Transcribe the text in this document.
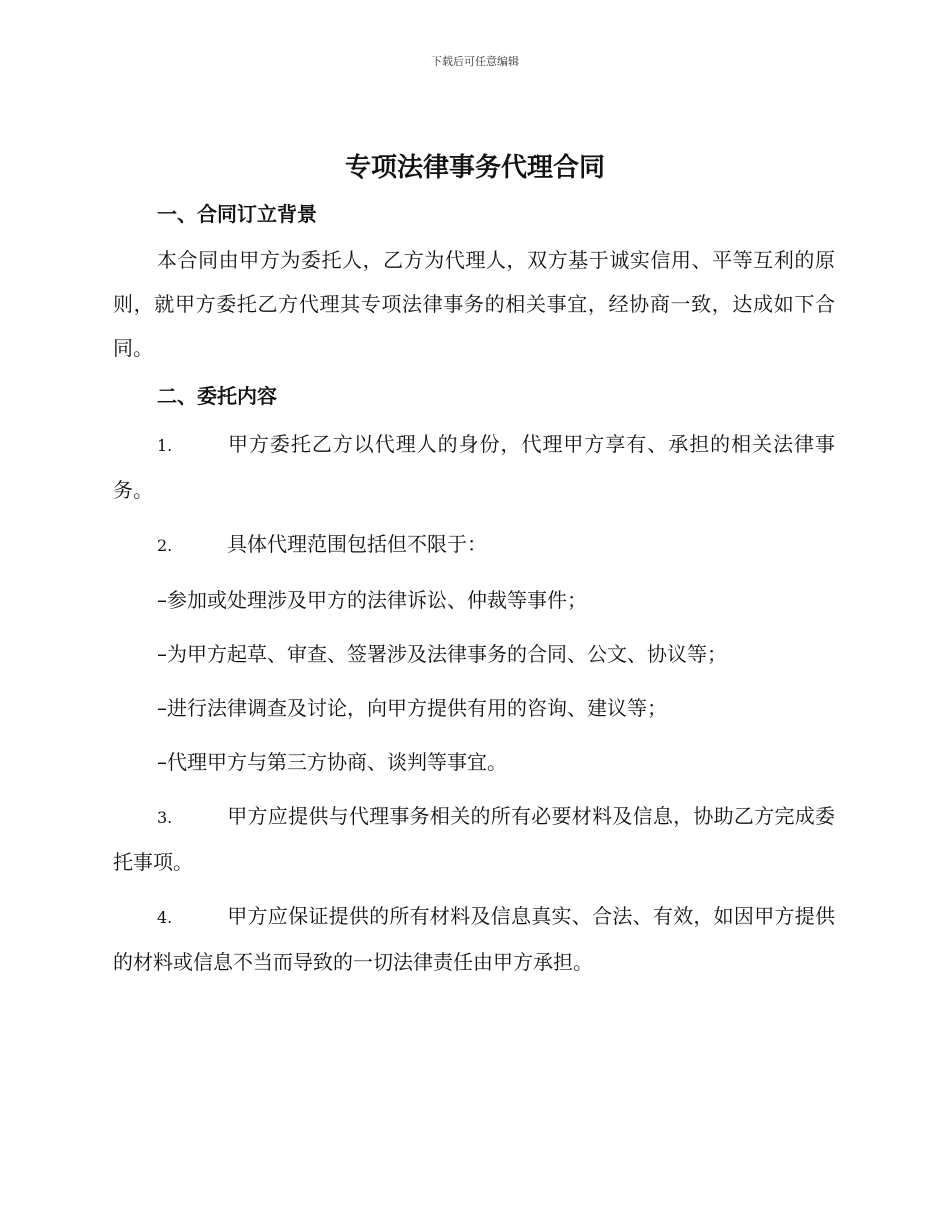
下载后可任意编辑
专项法律事务代理合同

一、合同订立背景

本合同由甲方为委托人，乙方为代理人，双方基于诚实信用、平等互利的原则，就甲方委托乙方代理其专项法律事务的相关事宜，经协商一致，达成如下合同。

二、委托内容

1.	甲方委托乙方以代理人的身份，代理甲方享有、承担的相关法律事务。

2.	具体代理范围包括但不限于：

–参加或处理涉及甲方的法律诉讼、仲裁等事件；

–为甲方起草、审查、签署涉及法律事务的合同、公文、协议等；

–进行法律调查及讨论，向甲方提供有用的咨询、建议等；

–代理甲方与第三方协商、谈判等事宜。

3.	甲方应提供与代理事务相关的所有必要材料及信息，协助乙方完成委托事项。

4.	甲方应保证提供的所有材料及信息真实、合法、有效，如因甲方提供的材料或信息不当而导致的一切法律责任由甲方承担。
